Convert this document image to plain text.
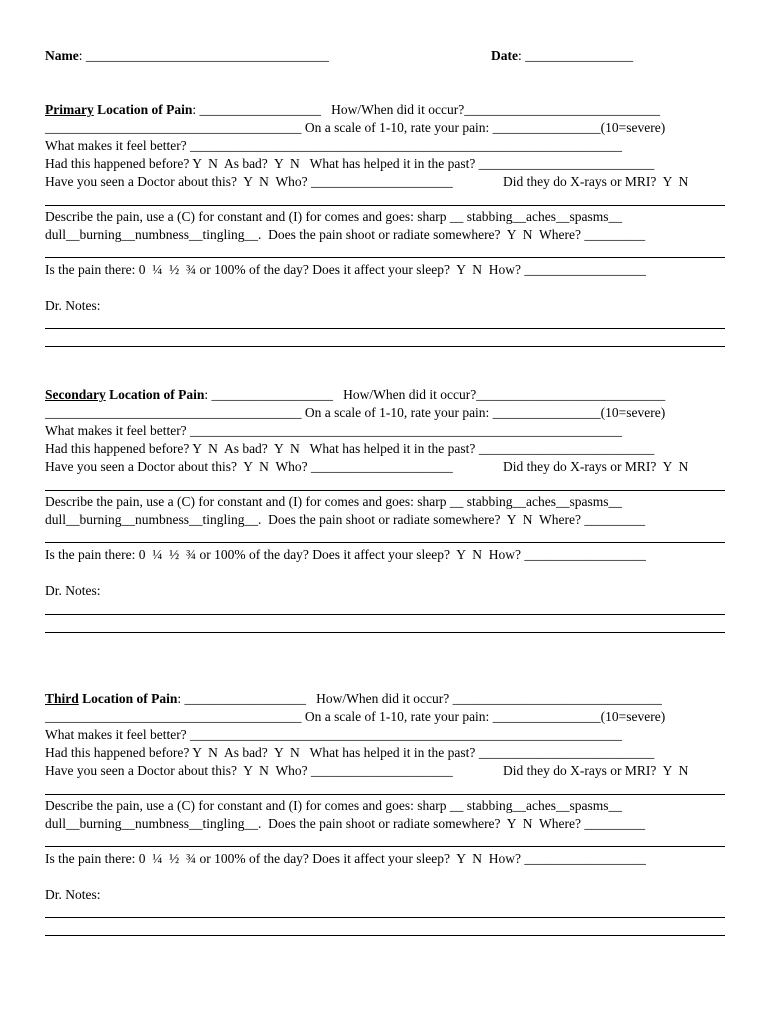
Name: ____________________________________	Date: ________________
Primary Location of Pain: __________________   How/When did it occur?_____________________________
______________________________________ On a scale of 1-10, rate your pain: ________________(10=severe)
What makes it feel better? ________________________________________________________________
Had this happened before? Y  N  As bad?  Y  N   What has helped it in the past? __________________________
Have you seen a Doctor about this?  Y  N  Who? _____________________	Did they do X-rays or MRI?  Y  N
Describe the pain, use a (C) for constant and (I) for comes and goes: sharp __ stabbing__aches__spasms__
dull__burning__numbness__tingling__.  Does the pain shoot or radiate somewhere?  Y  N  Where? _________
Is the pain there: 0  ¼  ½  ¾ or 100% of the day? Does it affect your sleep?  Y  N  How? __________________
Dr. Notes:
Secondary Location of Pain: __________________   How/When did it occur?____________________________
______________________________________ On a scale of 1-10, rate your pain: ________________(10=severe)
What makes it feel better? ________________________________________________________________
Had this happened before? Y  N  As bad?  Y  N   What has helped it in the past? __________________________
Have you seen a Doctor about this?  Y  N  Who? _____________________	Did they do X-rays or MRI?  Y  N
Describe the pain, use a (C) for constant and (I) for comes and goes: sharp __ stabbing__aches__spasms__
dull__burning__numbness__tingling__.  Does the pain shoot or radiate somewhere?  Y  N  Where? _________
Is the pain there: 0  ¼  ½  ¾ or 100% of the day? Does it affect your sleep?  Y  N  How? __________________
Dr. Notes:
Third Location of Pain: __________________   How/When did it occur? _______________________________
______________________________________ On a scale of 1-10, rate your pain: ________________(10=severe)
What makes it feel better? ________________________________________________________________
Had this happened before? Y  N  As bad?  Y  N   What has helped it in the past? __________________________
Have you seen a Doctor about this?  Y  N  Who? _____________________	Did they do X-rays or MRI?  Y  N
Describe the pain, use a (C) for constant and (I) for comes and goes: sharp __ stabbing__aches__spasms__
dull__burning__numbness__tingling__.  Does the pain shoot or radiate somewhere?  Y  N  Where? _________
Is the pain there: 0  ¼  ½  ¾ or 100% of the day? Does it affect your sleep?  Y  N  How? __________________
Dr. Notes:
